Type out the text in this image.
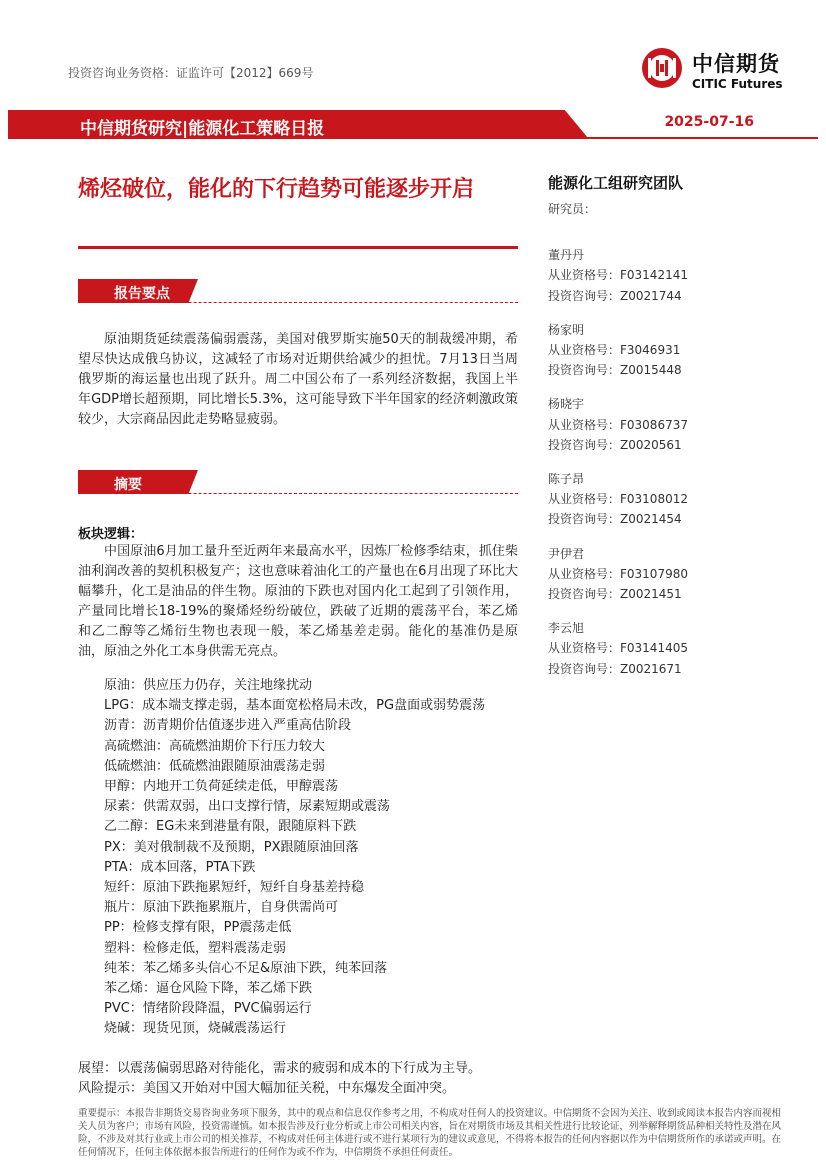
投资咨询业务资格：证监许可【2012】669号	中信期货
CITIC Futures
中信期货研究|能源化工策略日报	2025-07-16
烯烃破位，能化的下行趋势可能逐步开启
报告要点
原油期货延续震荡偏弱震荡，美国对俄罗斯实施50天的制裁缓冲期，希望尽快达成俄乌协议，这减轻了市场对近期供给减少的担忧。7月13日当周俄罗斯的海运量也出现了跃升。周二中国公布了一系列经济数据，我国上半年GDP增长超预期，同比增长5.3%，这可能导致下半年国家的经济刺激政策较少，大宗商品因此走势略显疲弱。
摘要
板块逻辑：
中国原油6月加工量升至近两年来最高水平，因炼厂检修季结束，抓住柴油利润改善的契机积极复产；这也意味着油化工的产量也在6月出现了环比大幅攀升，化工是油品的伴生物。原油的下跌也对国内化工起到了引领作用，产量同比增长18-19%的聚烯烃纷纷破位，跌破了近期的震荡平台，苯乙烯和乙二醇等乙烯衍生物也表现一般，苯乙烯基差走弱。能化的基准仍是原油，原油之外化工本身供需无亮点。
原油：供应压力仍存，关注地缘扰动
LPG：成本端支撑走弱，基本面宽松格局未改，PG盘面或弱势震荡
沥青：沥青期价估值逐步进入严重高估阶段
高硫燃油：高硫燃油期价下行压力较大
低硫燃油：低硫燃油跟随原油震荡走弱
甲醇：内地开工负荷延续走低，甲醇震荡
尿素：供需双弱，出口支撑行情，尿素短期或震荡
乙二醇：EG未来到港量有限，跟随原料下跌
PX：美对俄制裁不及预期，PX跟随原油回落
PTA：成本回落，PTA下跌
短纤：原油下跌拖累短纤，短纤自身基差持稳
瓶片：原油下跌拖累瓶片，自身供需尚可
PP：检修支撑有限，PP震荡走低
塑料：检修走低，塑料震荡走弱
纯苯：苯乙烯多头信心不足&原油下跌，纯苯回落
苯乙烯：逼仓风险下降，苯乙烯下跌
PVC：情绪阶段降温，PVC偏弱运行
烧碱：现货见顶，烧碱震荡运行
展望：以震荡偏弱思路对待能化，需求的疲弱和成本的下行成为主导。
风险提示：美国又开始对中国大幅加征关税，中东爆发全面冲突。
能源化工组研究团队
研究员：
董丹丹
从业资格号：F03142141
投资咨询号：Z0021744
杨家明
从业资格号：F3046931
投资咨询号：Z0015448
杨晓宇
从业资格号：F03086737
投资咨询号：Z0020561
陈子昂
从业资格号：F03108012
投资咨询号：Z0021454
尹伊君
从业资格号：F03107980
投资咨询号：Z0021451
李云旭
从业资格号：F03141405
投资咨询号：Z0021671
重要提示：本报告非期货交易咨询业务项下服务，其中的观点和信息仅作参考之用，不构成对任何人的投资建议。中信期货不会因为关注、收到或阅读本报告内容而视相关人员为客户；市场有风险，投资需谨慎。如本报告涉及行业分析或上市公司相关内容，旨在对期货市场及其相关性进行比较论证，列举解释期货品种相关特性及潜在风险，不涉及对其行业或上市公司的相关推荐，不构成对任何主体进行或不进行某项行为的建议或意见，不得将本报告的任何内容据以作为中信期货所作的承诺或声明。在任何情况下，任何主体依据本报告所进行的任何作为或不作为，中信期货不承担任何责任。
